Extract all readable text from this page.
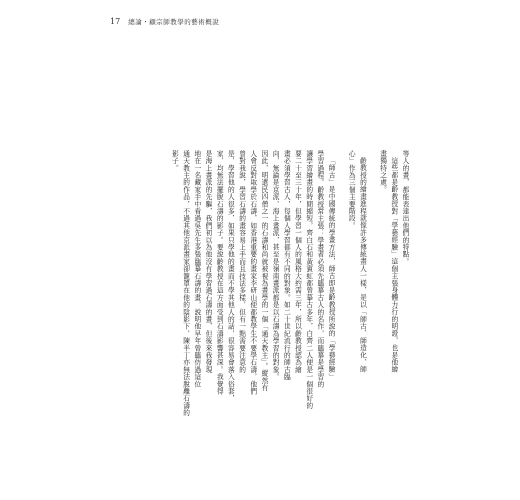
17 總論・顧宗師教學的藝術概說
等人的畫，都能表達出他們的特點。
這些都是齡教授對「學藝經驗」這個主張身體力行的明證，也是他繪
畫獨特之處。
齡教授的繪畫進程就像許多傳統畫人一樣，是以「師古、師造化、師
心」作為三個主要階段。
「師古」是中國傳統的學畫方法，師古即是齡教授所說的「學藝經驗」
學習過程。齡教授常主張：學畫者必須先臨摹古人的名作，而臨摹是學習的
讓學習繪畫的時間縮短，齊白石和黃賓虹都曾摹古多年，白齊二人便是一個很好的
要二十至三十年，但學習一個人的風格大約需三年，所以齡教授認為繪
畫必須學習古人，每個人學習都有不同的對象。如二十世紀流行的師古臨
向，無論是京派、海上畫派，甚至是嶺南畫派都是以石濤為學習的對象。
因此，明遺民四僧之一的石濤和尚就被視為畫學的一個「通天教主」。縱然有
人會反對取學於石濤，如香港重要的畫家李研山便都教學生不要學石濤，他們
曾對我說，學習石濤的畫容易上手而且技法多樣，但有一點需要注意的
是，學習他的人很多，如果只學他的畫而不學其他人的話，很容易會落入俗套，
家，均無法擺脫石濤的影子。要說齡教授在這方面受到石濤影響甚深。我覺得
是海上畫派的先驅，我們初以為他沒有學習過石濤的畫，但後來我發現
地在一名藏家手中看過吳先生多張臨摹石濤的畫，說明他早年曾臨仿過這位
通天教主的作品，不過其他京派畫家卻籠罩在他的陰影下，陳半丁亦無法脫離石濤的
影子。
